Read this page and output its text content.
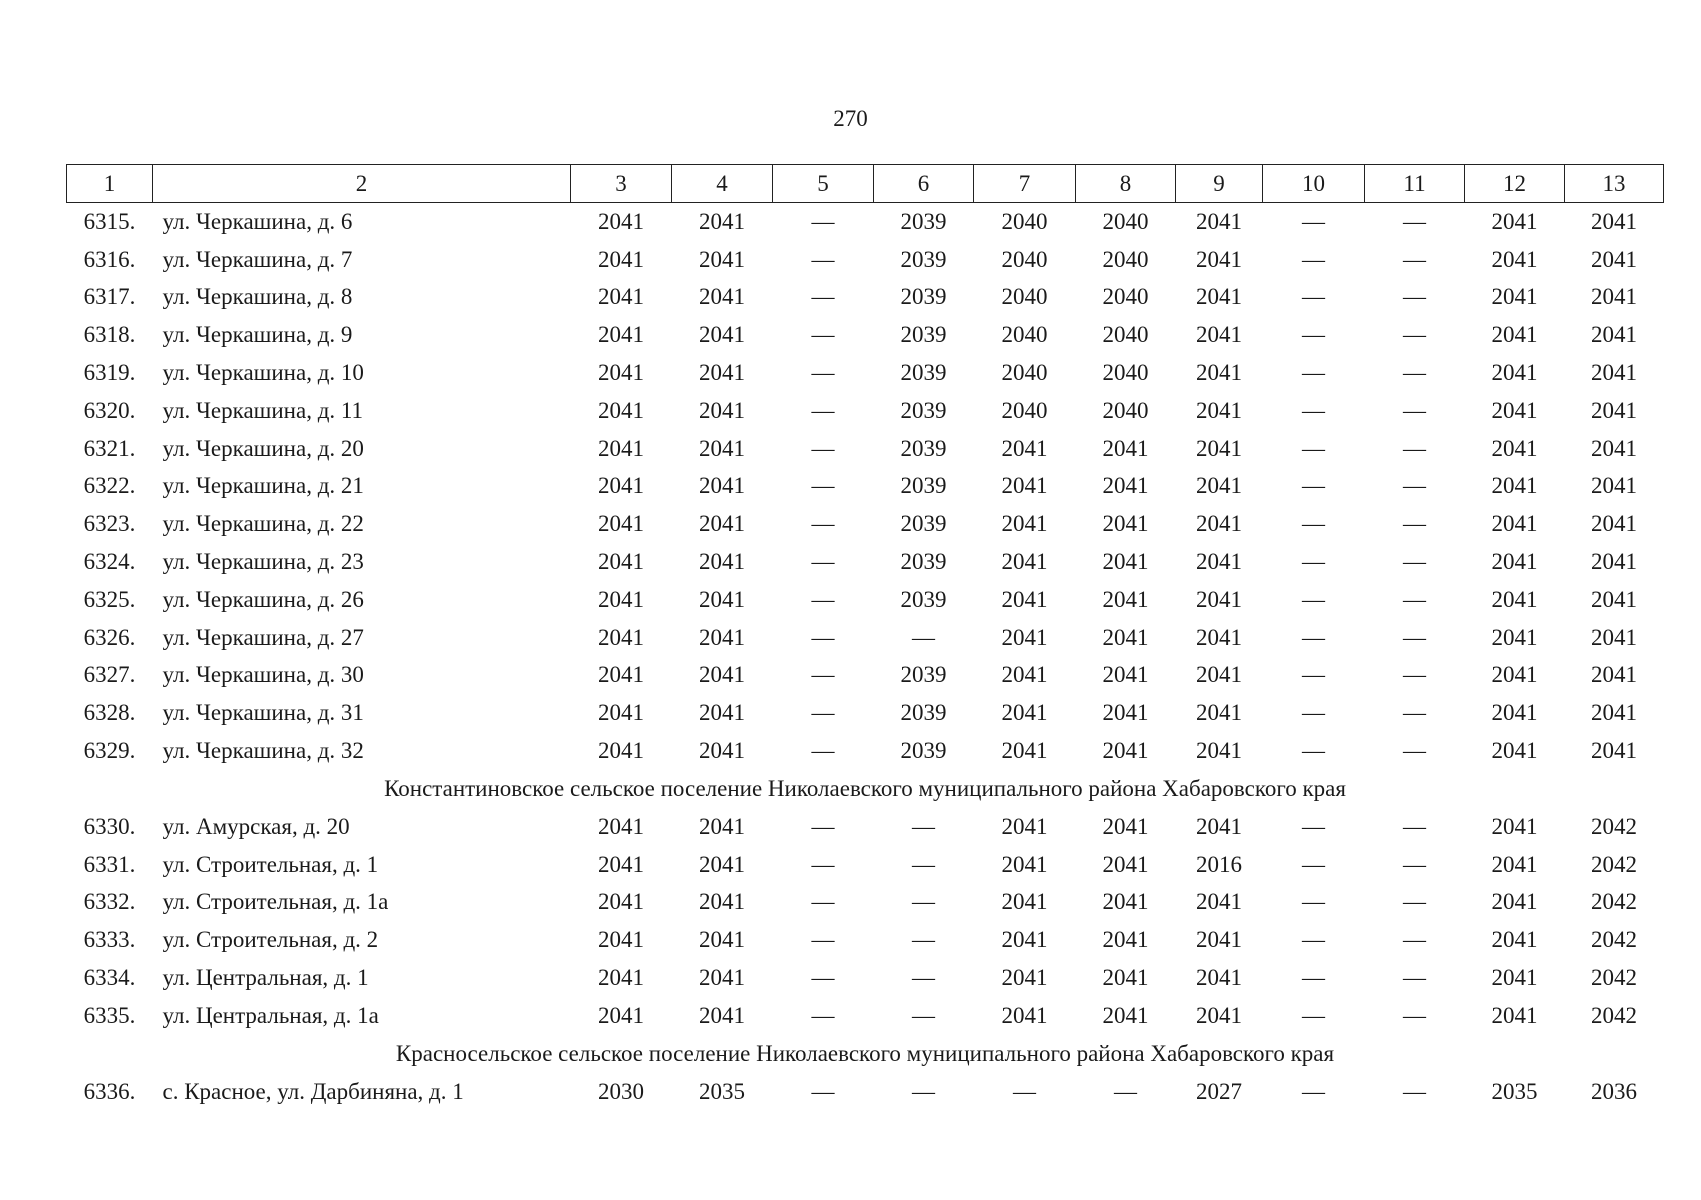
270
1	2	3	4	5	6	7	8	9	10	11	12	13
6315.	ул. Черкашина, д. 6	2041	2041	—	2039	2040	2040	2041	—	—	2041	2041
6316.	ул. Черкашина, д. 7	2041	2041	—	2039	2040	2040	2041	—	—	2041	2041
6317.	ул. Черкашина, д. 8	2041	2041	—	2039	2040	2040	2041	—	—	2041	2041
6318.	ул. Черкашина, д. 9	2041	2041	—	2039	2040	2040	2041	—	—	2041	2041
6319.	ул. Черкашина, д. 10	2041	2041	—	2039	2040	2040	2041	—	—	2041	2041
6320.	ул. Черкашина, д. 11	2041	2041	—	2039	2040	2040	2041	—	—	2041	2041
6321.	ул. Черкашина, д. 20	2041	2041	—	2039	2041	2041	2041	—	—	2041	2041
6322.	ул. Черкашина, д. 21	2041	2041	—	2039	2041	2041	2041	—	—	2041	2041
6323.	ул. Черкашина, д. 22	2041	2041	—	2039	2041	2041	2041	—	—	2041	2041
6324.	ул. Черкашина, д. 23	2041	2041	—	2039	2041	2041	2041	—	—	2041	2041
6325.	ул. Черкашина, д. 26	2041	2041	—	2039	2041	2041	2041	—	—	2041	2041
6326.	ул. Черкашина, д. 27	2041	2041	—	—	2041	2041	2041	—	—	2041	2041
6327.	ул. Черкашина, д. 30	2041	2041	—	2039	2041	2041	2041	—	—	2041	2041
6328.	ул. Черкашина, д. 31	2041	2041	—	2039	2041	2041	2041	—	—	2041	2041
6329.	ул. Черкашина, д. 32	2041	2041	—	2039	2041	2041	2041	—	—	2041	2041
Константиновское сельское поселение Николаевского муниципального района Хабаровского края												
6330.	ул. Амурская, д. 20	2041	2041	—	—	2041	2041	2041	—	—	2041	2042
6331.	ул. Строительная, д. 1	2041	2041	—	—	2041	2041	2016	—	—	2041	2042
6332.	ул. Строительная, д. 1а	2041	2041	—	—	2041	2041	2041	—	—	2041	2042
6333.	ул. Строительная, д. 2	2041	2041	—	—	2041	2041	2041	—	—	2041	2042
6334.	ул. Центральная, д. 1	2041	2041	—	—	2041	2041	2041	—	—	2041	2042
6335.	ул. Центральная, д. 1а	2041	2041	—	—	2041	2041	2041	—	—	2041	2042
Красносельское сельское поселение Николаевского муниципального района Хабаровского края												
6336.	с. Красное, ул. Дарбиняна, д. 1	2030	2035	—	—	—	—	2027	—	—	2035	2036
